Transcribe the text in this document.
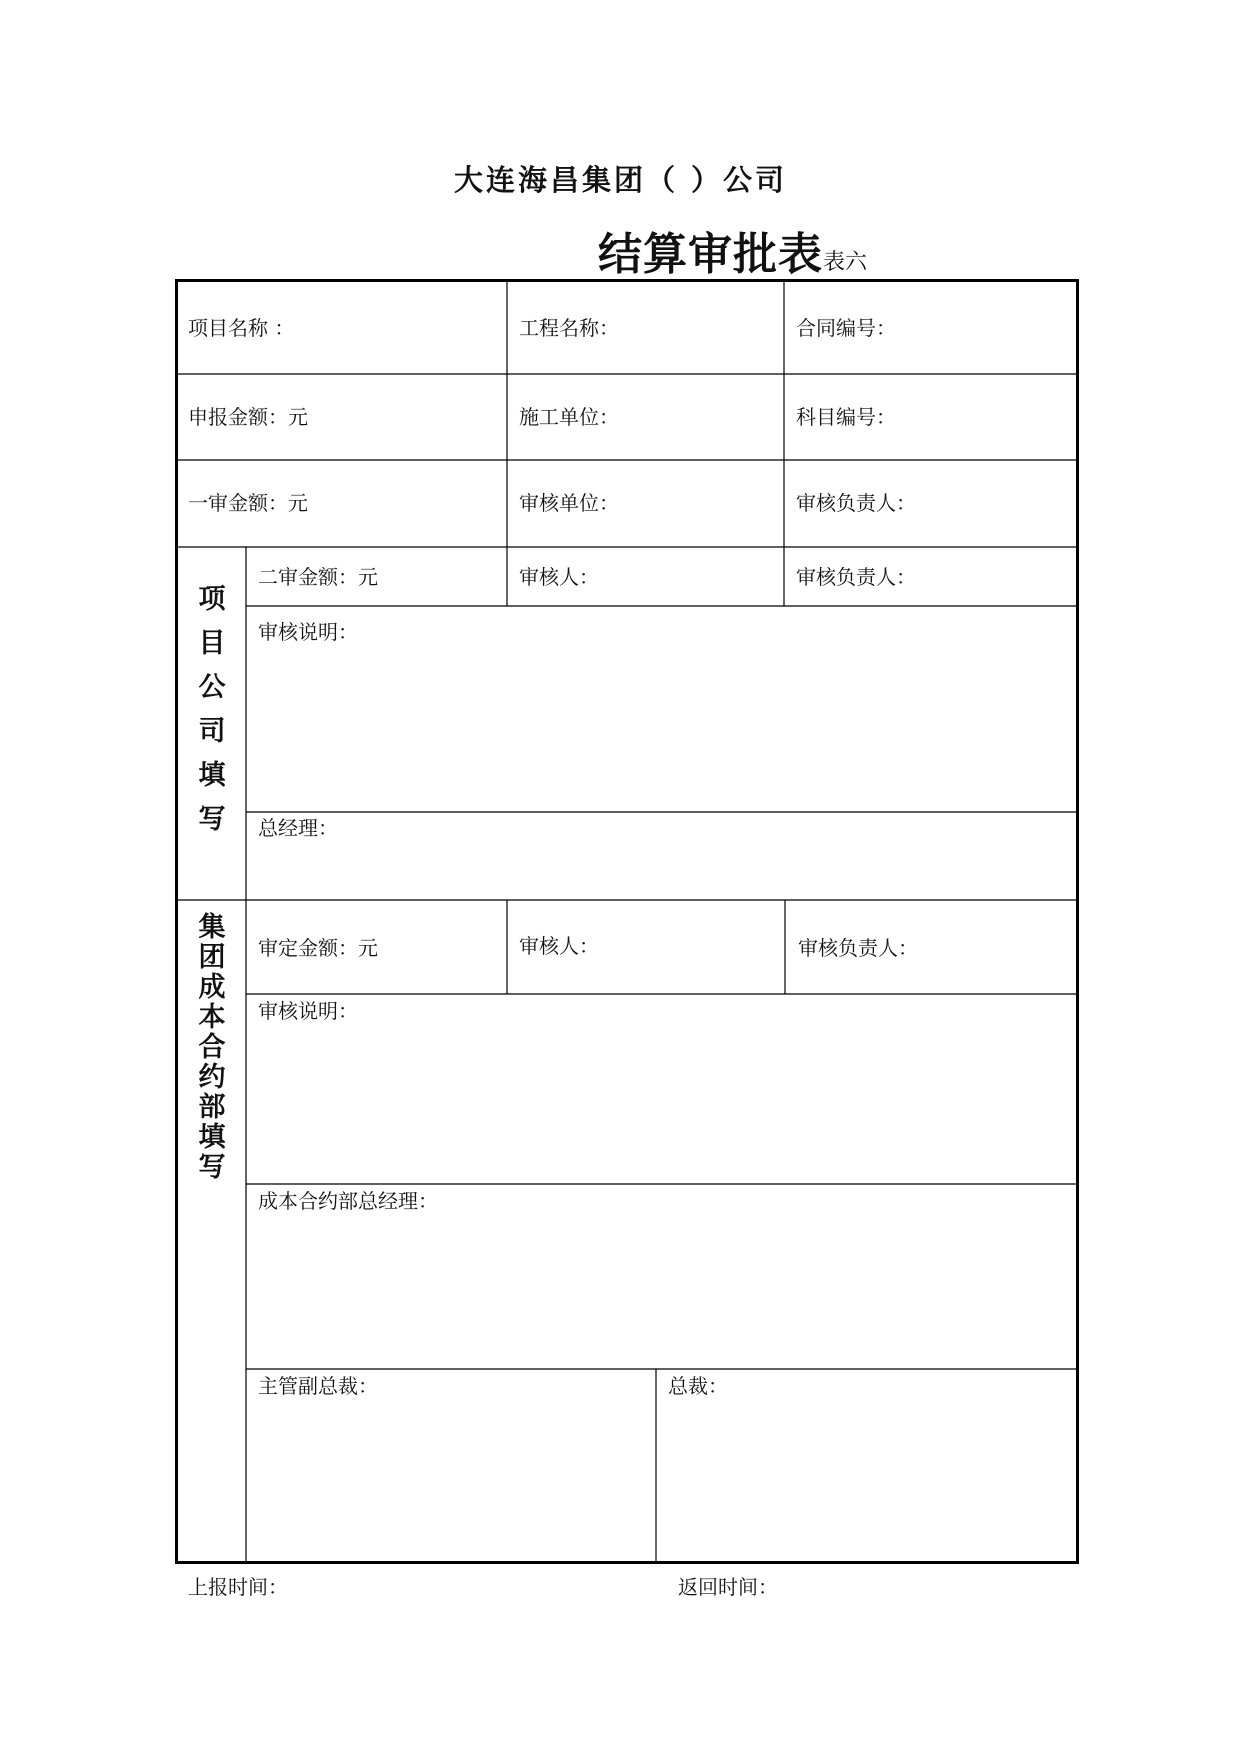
大连海昌集团（ ）公司
结算审批表表六
项目名称 ：	工程名称：	合同编号：
申报金额：元	施工单位：	科目编号：
一审金额：元	审核单位：	审核负责人：
项
目
公
司
填
写
二审金额：元	审核人：	审核负责人：
审核说明：
总经理：
集
团
成
本
合
约
部
填
写
审定金额：元	审核人：	审核负责人：
审核说明：
成本合约部总经理：
主管副总裁：	总裁：
上报时间：	返回时间：
